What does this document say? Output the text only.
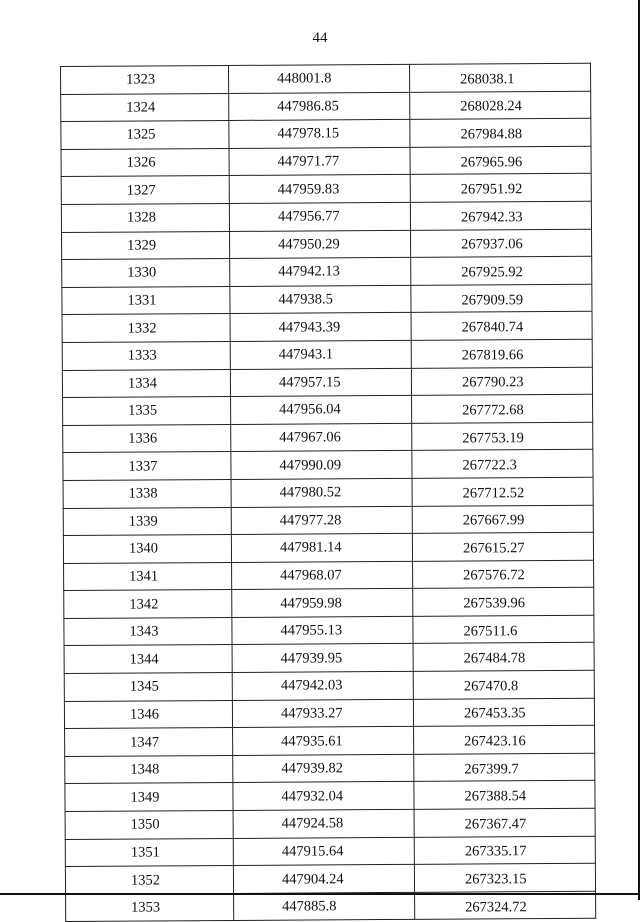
44
1323	448001.8	268038.1
1324	447986.85	268028.24
1325	447978.15	267984.88
1326	447971.77	267965.96
1327	447959.83	267951.92
1328	447956.77	267942.33
1329	447950.29	267937.06
1330	447942.13	267925.92
1331	447938.5	267909.59
1332	447943.39	267840.74
1333	447943.1	267819.66
1334	447957.15	267790.23
1335	447956.04	267772.68
1336	447967.06	267753.19
1337	447990.09	267722.3
1338	447980.52	267712.52
1339	447977.28	267667.99
1340	447981.14	267615.27
1341	447968.07	267576.72
1342	447959.98	267539.96
1343	447955.13	267511.6
1344	447939.95	267484.78
1345	447942.03	267470.8
1346	447933.27	267453.35
1347	447935.61	267423.16
1348	447939.82	267399.7
1349	447932.04	267388.54
1350	447924.58	267367.47
1351	447915.64	267335.17
1352	447904.24	267323.15
1353	447885.8	267324.72
